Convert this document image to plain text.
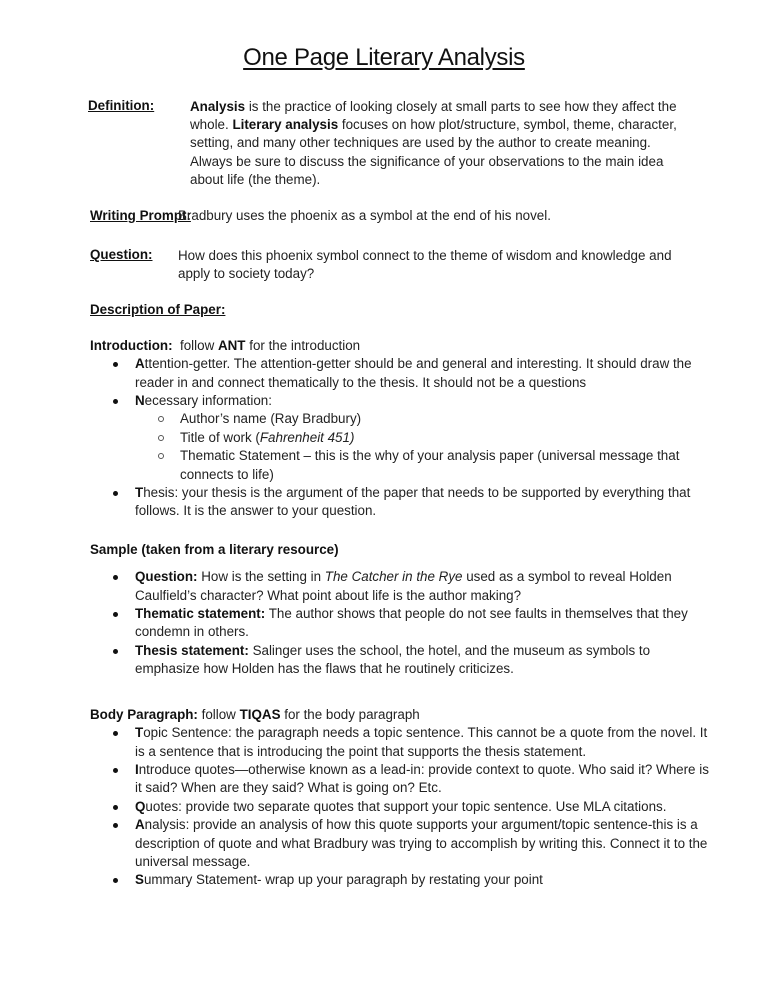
One Page Literary Analysis
Definition:	Analysis is the practice of looking closely at small parts to see how they affect the whole. Literary analysis focuses on how plot/structure, symbol, theme, character, setting, and many other techniques are used by the author to create meaning. Always be sure to discuss the significance of your observations to the main idea about life (the theme).
Writing Prompt:
Bradbury uses the phoenix as a symbol at the end of his novel.
Question: How does this phoenix symbol connect to the theme of wisdom and knowledge and apply to society today?
Description of Paper:
Introduction:  follow ANT for the introduction
Attention-getter. The attention-getter should be and general and interesting. It should draw the reader in and connect thematically to the thesis. It should not be a questions
Necessary information:
Author’s name (Ray Bradbury)
Title of work (Fahrenheit 451)
Thematic Statement – this is the why of your analysis paper (universal message that connects to life)
Thesis: your thesis is the argument of the paper that needs to be supported by everything that follows. It is the answer to your question.
Sample (taken from a literary resource)
Question: How is the setting in The Catcher in the Rye used as a symbol to reveal Holden Caulfield’s character? What point about life is the author making?
Thematic statement: The author shows that people do not see faults in themselves that they condemn in others.
Thesis statement: Salinger uses the school, the hotel, and the museum as symbols to emphasize how Holden has the flaws that he routinely criticizes.
Body Paragraph: follow TIQAS for the body paragraph
Topic Sentence: the paragraph needs a topic sentence. This cannot be a quote from the novel. It is a sentence that is introducing the point that supports the thesis statement.
Introduce quotes—otherwise known as a lead-in: provide context to quote. Who said it? Where is it said? When are they said? What is going on? Etc.
Quotes: provide two separate quotes that support your topic sentence. Use MLA citations.
Analysis: provide an analysis of how this quote supports your argument/topic sentence-this is a description of quote and what Bradbury was trying to accomplish by writing this. Connect it to the universal message.
Summary Statement- wrap up your paragraph by restating your point
